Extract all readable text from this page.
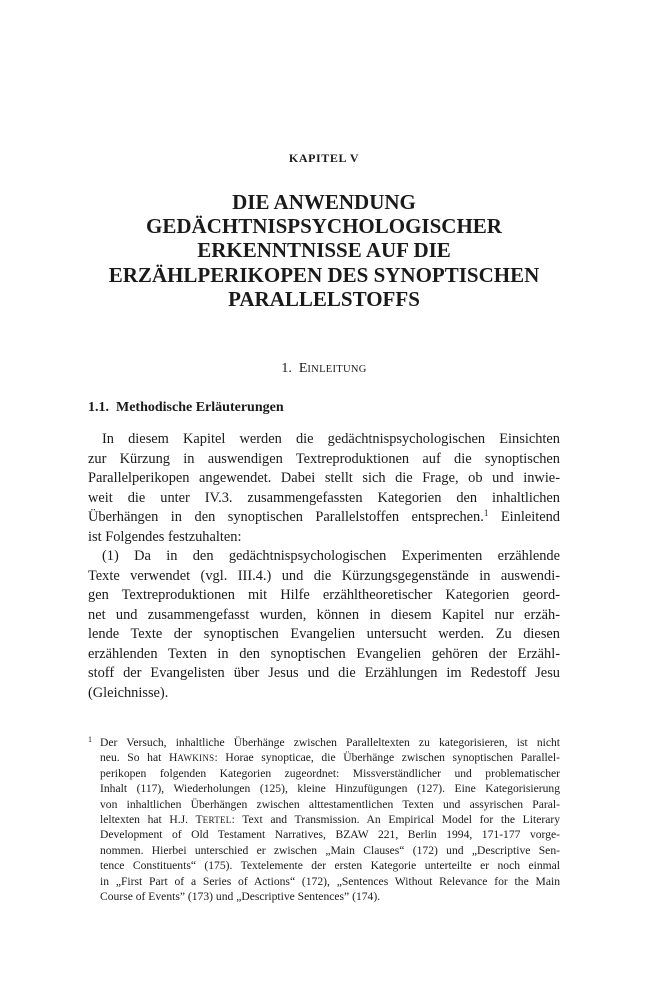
KAPITEL V
DIE ANWENDUNG
GEDÄCHTNISPSYCHOLOGISCHER
ERKENNTNISSE AUF DIE
ERZÄHLPERIKOPEN DES SYNOPTISCHEN
PARALLELSTOFFS
1. EINLEITUNG
1.1.  Methodische Erläuterungen
In diesem Kapitel werden die gedächtnispsychologischen Einsichten
zur Kürzung in auswendigen Textreproduktionen auf die synoptischen
Parallelperikopen angewendet. Dabei stellt sich die Frage, ob und inwie-
weit die unter IV.3. zusammengefassten Kategorien den inhaltlichen
Überhängen in den synoptischen Parallelstoffen entsprechen.$^1$ Einleitend
ist Folgendes festzuhalten:
(1) Da in den gedächtnispsychologischen Experimenten erzählende
Texte verwendet (vgl. III.4.) und die Kürzungsgegenstände in auswendi-
gen Textreproduktionen mit Hilfe erzähltheoretischer Kategorien geord-
net und zusammengefasst wurden, können in diesem Kapitel nur erzäh-
lende Texte der synoptischen Evangelien untersucht werden. Zu diesen
erzählenden Texten in den synoptischen Evangelien gehören der Erzähl-
stoff der Evangelisten über Jesus und die Erzählungen im Redestoff Jesu
(Gleichnisse).
1 Der Versuch, inhaltliche Überhänge zwischen Paralleltexten zu kategorisieren, ist nicht
neu. So hat HAWKINS: Horae synopticae, die Überhänge zwischen synoptischen Parallel-
perikopen folgenden Kategorien zugeordnet: Missverständlicher und problematischer
Inhalt (117), Wiederholungen (125), kleine Hinzufügungen (127). Eine Kategorisierung
von inhaltlichen Überhängen zwischen alttestamentlichen Texten und assyrischen Paral-
leltexten hat H.J. TERTEL: Text and Transmission. An Empirical Model for the Literary
Development of Old Testament Narratives, BZAW 221, Berlin 1994, 171-177 vorge-
nommen. Hierbei unterschied er zwischen „Main Clauses“ (172) und „Descriptive Sen-
tence Constituents“ (175). Textelemente der ersten Kategorie unterteilte er noch einmal
in „First Part of a Series of Actions“ (172), „Sentences Without Relevance for the Main
Course of Events” (173) und „Descriptive Sentences” (174).
